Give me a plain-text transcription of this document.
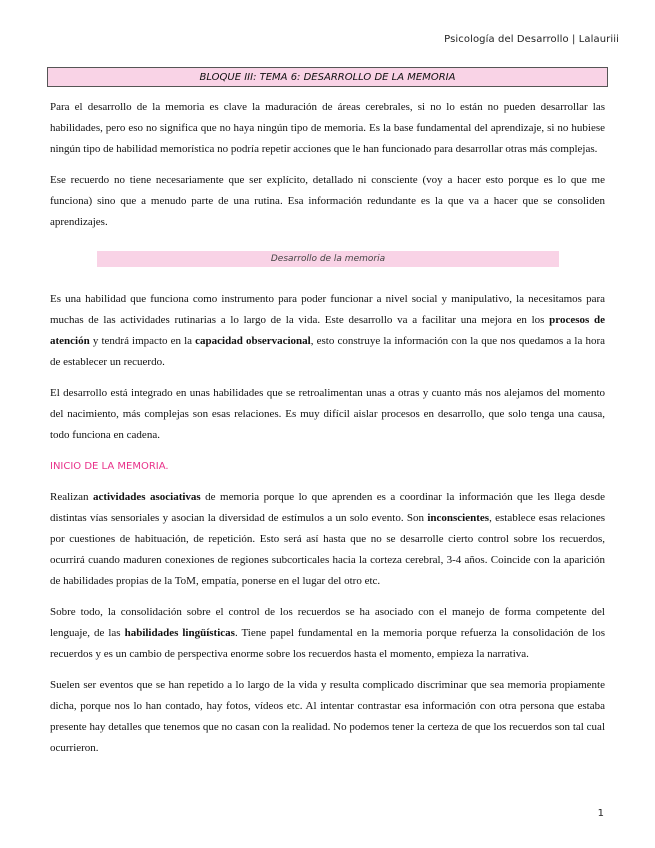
Psicología del Desarrollo | Lalauriii
BLOQUE III: TEMA 6: DESARROLLO DE LA MEMORIA

Para el desarrollo de la memoria es clave la maduración de áreas cerebrales, si no lo están no pueden desarrollar las habilidades, pero eso no significa que no haya ningún tipo de memoria. Es la base fundamental del aprendizaje, si no hubiese ningún tipo de habilidad memorística no podría repetir acciones que le han funcionado para desarrollar otras más complejas.

Ese recuerdo no tiene necesariamente que ser explícito, detallado ni consciente (voy a hacer esto porque es lo que me funciona) sino que a menudo parte de una rutina. Esa información redundante es la que va a hacer que se consoliden aprendizajes.

Desarrollo de la memoria

Es una habilidad que funciona como instrumento para poder funcionar a nivel social y manipulativo, la necesitamos para muchas de las actividades rutinarias a lo largo de la vida. Este desarrollo va a facilitar una mejora en los procesos de atención y tendrá impacto en la capacidad observacional, esto construye la información con la que nos quedamos a la hora de establecer un recuerdo.

El desarrollo está integrado en unas habilidades que se retroalimentan unas a otras y cuanto más nos alejamos del momento del nacimiento, más complejas son esas relaciones. Es muy difícil aislar procesos en desarrollo, que solo tenga una causa, todo funciona en cadena.

INICIO DE LA MEMORIA.

Realizan actividades asociativas de memoria porque lo que aprenden es a coordinar la información que les llega desde distintas vías sensoriales y asocian la diversidad de estímulos a un solo evento. Son inconscientes, establece esas relaciones por cuestiones de habituación, de repetición. Esto será así hasta que no se desarrolle cierto control sobre los recuerdos, ocurrirá cuando maduren conexiones de regiones subcorticales hacia la corteza cerebral, 3-4 años. Coincide con la aparición de habilidades propias de la ToM, empatía, ponerse en el lugar del otro etc.

Sobre todo, la consolidación sobre el control de los recuerdos se ha asociado con el manejo de forma competente del lenguaje, de las habilidades lingüísticas. Tiene papel fundamental en la memoria porque refuerza la consolidación de los recuerdos y es un cambio de perspectiva enorme sobre los recuerdos hasta el momento, empieza la narrativa.

Suelen ser eventos que se han repetido a lo largo de la vida y resulta complicado discriminar que sea memoria propiamente dicha, porque nos lo han contado, hay fotos, vídeos etc. Al intentar contrastar esa información con otra persona que estaba presente hay detalles que tenemos que no casan con la realidad. No podemos tener la certeza de que los recuerdos son tal cual ocurrieron.

1
